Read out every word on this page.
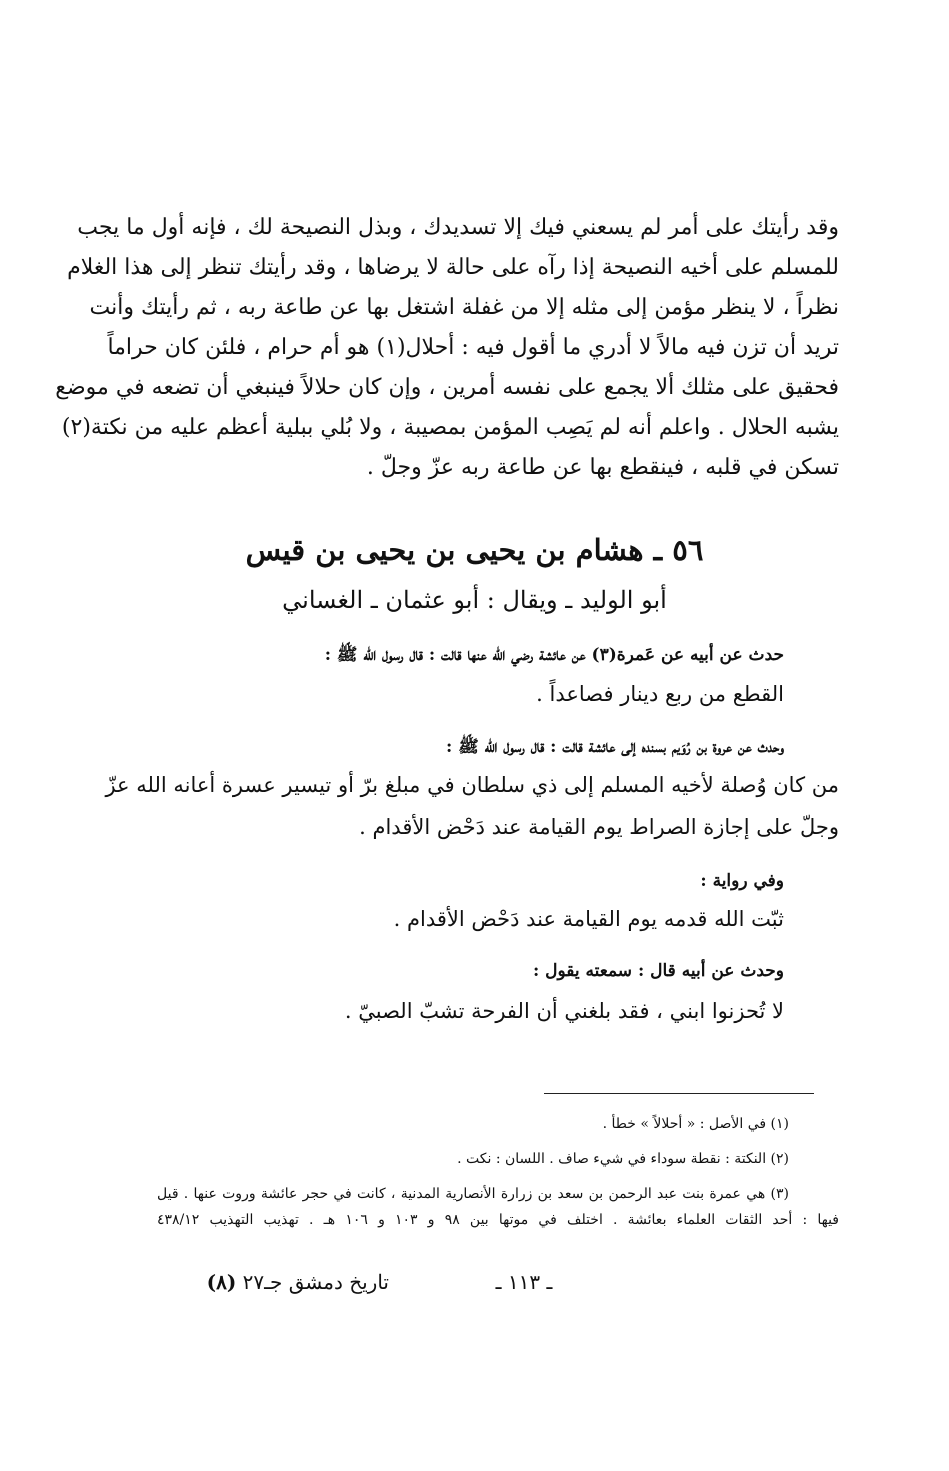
وقد رأيتك على أمر لم يسعني فيك إلا تسديدك ، وبذل النصيحة لك ، فإنه أول ما يجب
للمسلم على أخيه النصيحة إذا رآه على حالة لا يرضاها ، وقد رأيتك تنظر إلى هذا الغلام
نظراً ، لا ينظر مؤمن إلى مثله إلا من غفلة اشتغل بها عن طاعة ربه ، ثم رأيتك وأنت
تريد أن تزن فيه مالاً لا أدري ما أقول فيه : أحلال(١) هو أم حرام ، فلئن كان حراماً
فحقيق على مثلك ألا يجمع على نفسه أمرين ، وإن كان حلالاً فينبغي أن تضعه في موضع
يشبه الحلال . واعلم أنه لم يَصِب المؤمن بمصيبة ، ولا بُلي ببلية أعظم عليه من نكتة(٢)
تسكن في قلبه ، فينقطع بها عن طاعة ربه عزّ وجلّ .
٥٦ ـ هشام بن يحيى بن يحيى بن قيس
أبو الوليد ـ ويقال : أبو عثمان ـ الغساني
حدث عن أبيه عن عَمرة(٣) عن عائشة رضي الله عنها قالت : قال رسول الله ﷺ :
القطع من ربع دينار فصاعداً .
وحدث عن عروة بن رُوَيم بسنده إلى عائشة قالت : قال رسول الله ﷺ :
من كان وُصلة لأخيه المسلم إلى ذي سلطان في مبلغ برّ أو تيسير عسرة أعانه الله عزّ
وجلّ على إجازة الصراط يوم القيامة عند دَحْض الأقدام .
وفي رواية :
ثبّت الله قدمه يوم القيامة عند دَحْض الأقدام .
وحدث عن أبيه قال : سمعته يقول :
لا تُحزنوا ابني ، فقد بلغني أن الفرحة تشبّ الصبيّ .
(١) في الأصل : « أحلالاً » خطأ .
(٢) النكتة : نقطة سوداء في شيء صاف . اللسان : نكت .
(٣) هي عمرة بنت عبد الرحمن بن سعد بن زرارة الأنصارية المدنية ، كانت في حجر عائشة وروت عنها . قيل
فيها : أحد الثقات العلماء بعائشة . اختلف في موتها بين ٩٨ و ١٠٣ و ١٠٦ هـ . تهذيب التهذيب ٤٣٨/١٢
ـ ١١٣ ـ
تاريخ دمشق جـ٢٧ (٨)
